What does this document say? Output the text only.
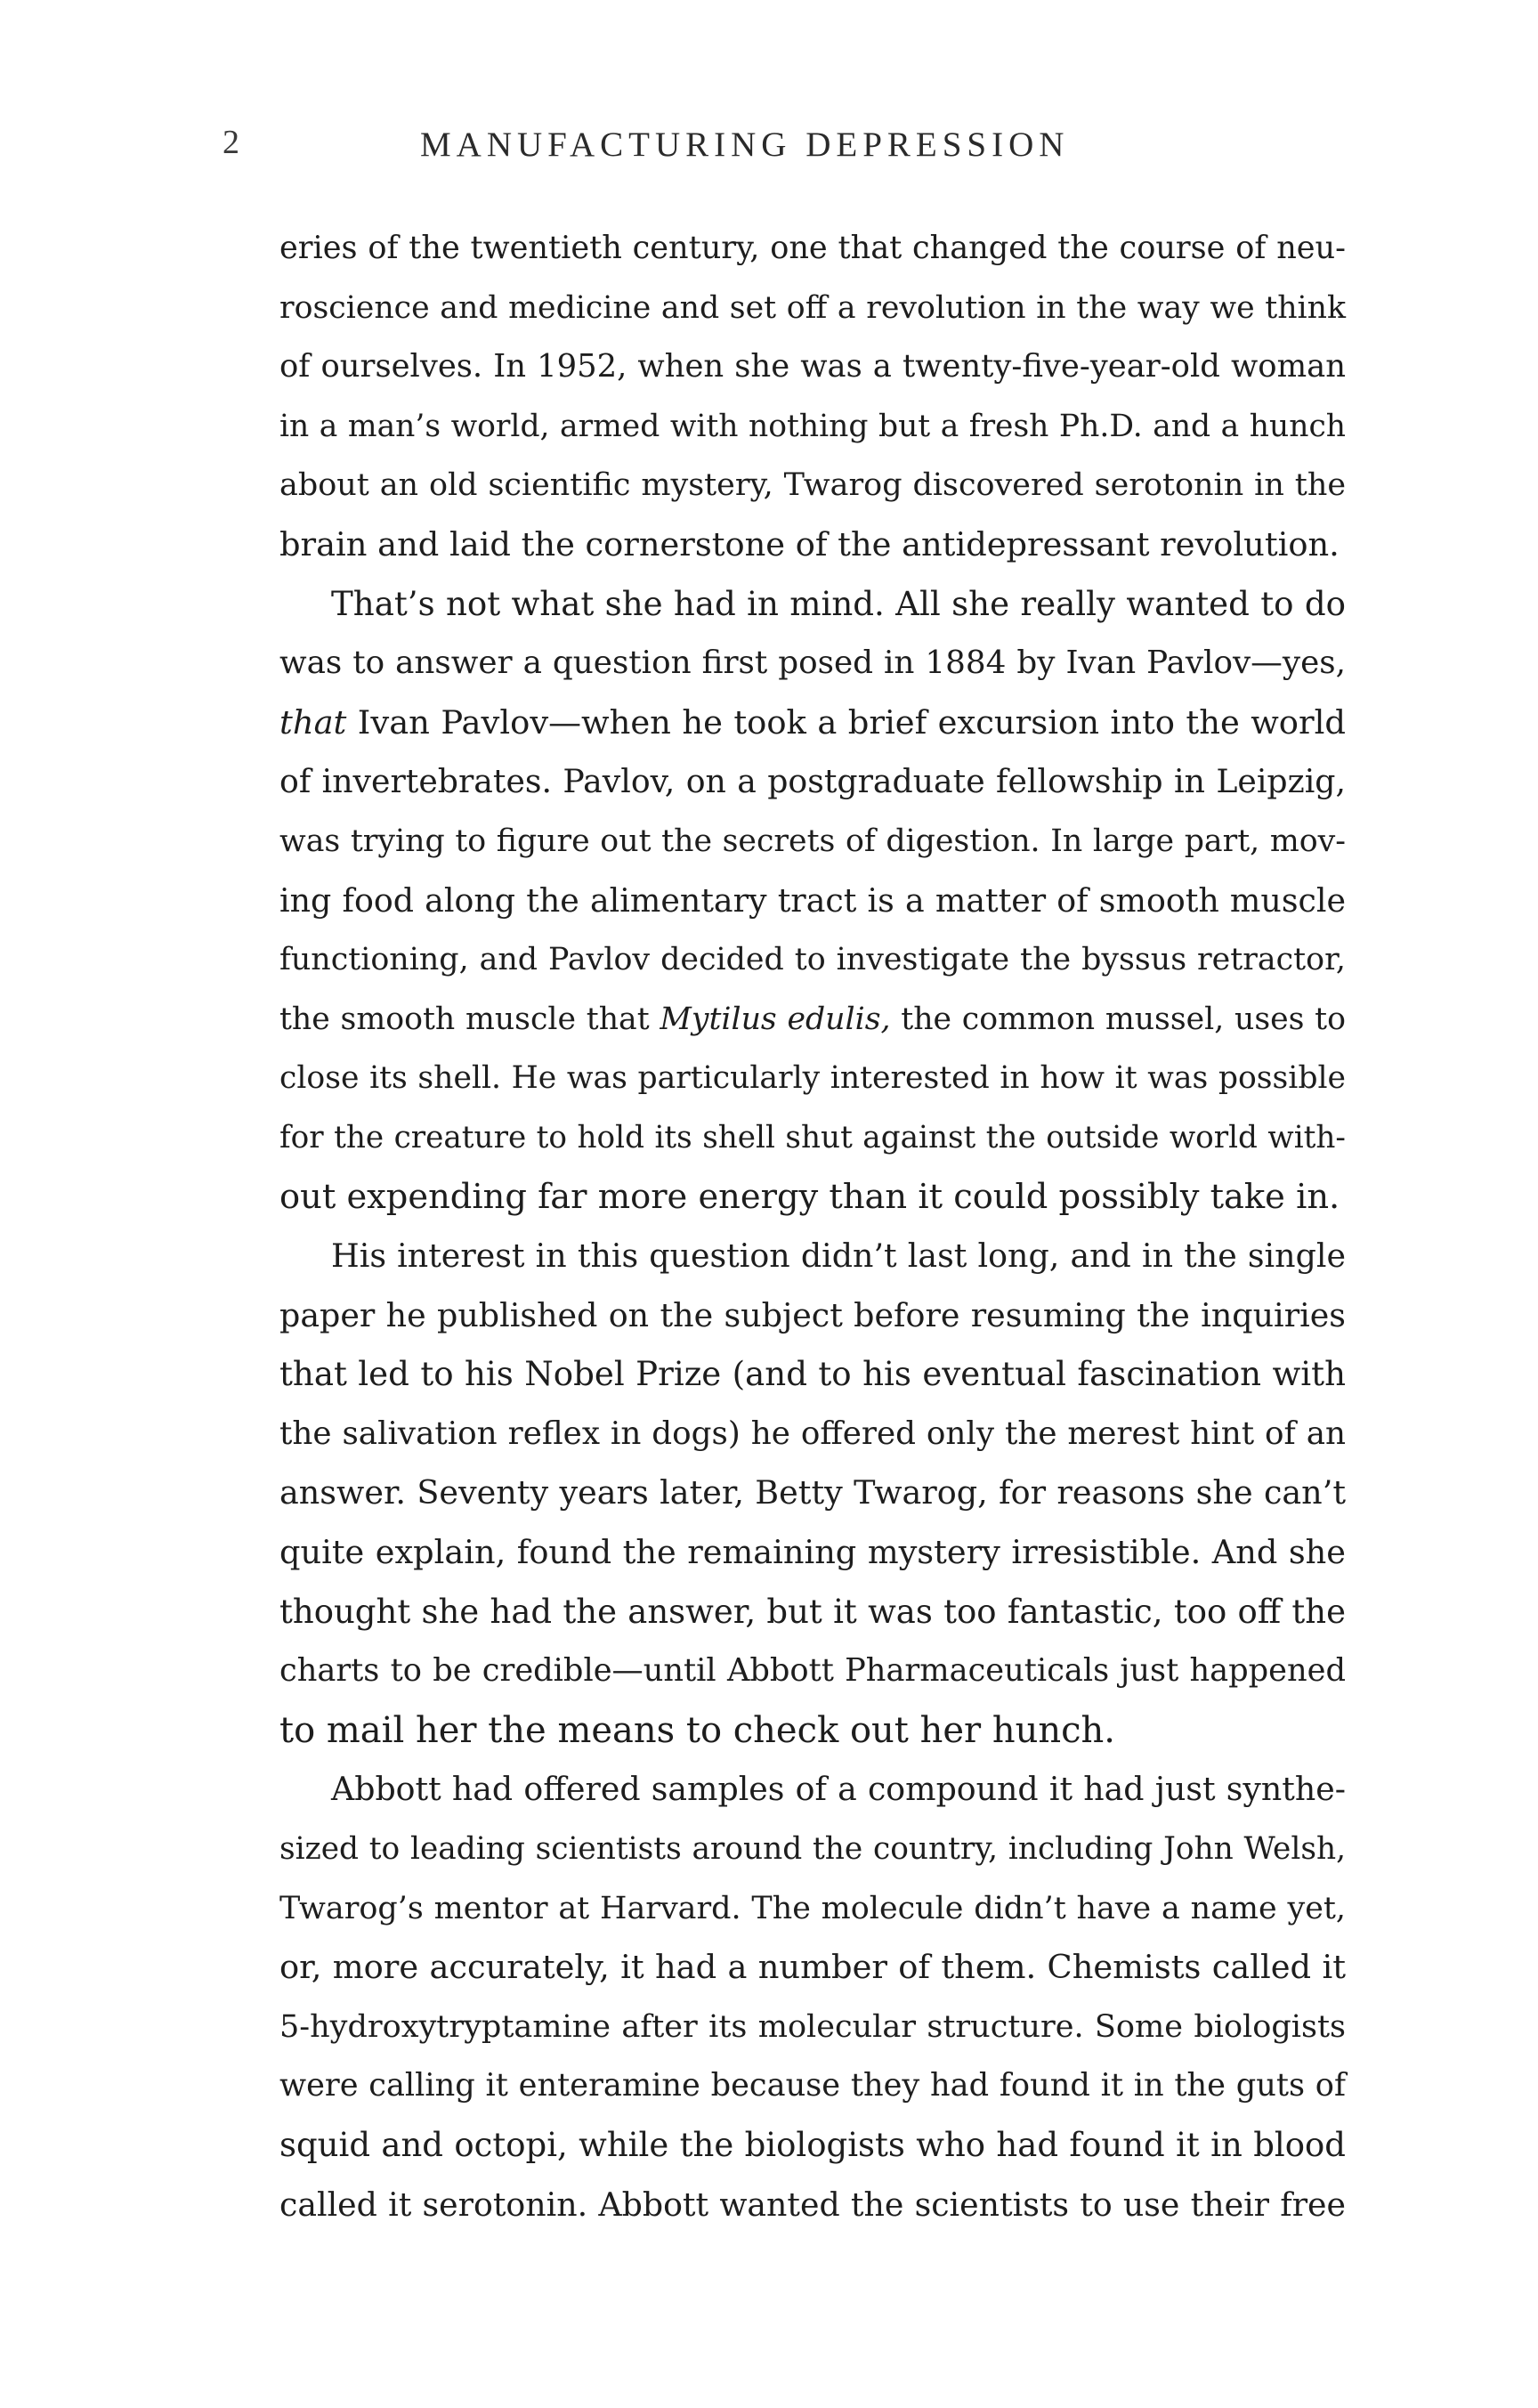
2	MANUFACTURING DEPRESSION
eries of the twentieth century, one that changed the course of neu-
roscience and medicine and set off a revolution in the way we think
of ourselves. In 1952, when she was a twenty-five-year-old woman
in a man’s world, armed with nothing but a fresh Ph.D. and a hunch
about an old scientific mystery, Twarog discovered serotonin in the
brain and laid the cornerstone of the antidepressant revolution.
That’s not what she had in mind. All she really wanted to do
was to answer a question first posed in 1884 by Ivan Pavlov—yes,
that Ivan Pavlov—when he took a brief excursion into the world
of invertebrates. Pavlov, on a postgraduate fellowship in Leipzig,
was trying to figure out the secrets of digestion. In large part, mov-
ing food along the alimentary tract is a matter of smooth muscle
functioning, and Pavlov decided to investigate the byssus retractor,
the smooth muscle that Mytilus edulis, the common mussel, uses to
close its shell. He was particularly interested in how it was possible
for the creature to hold its shell shut against the outside world with-
out expending far more energy than it could possibly take in.
His interest in this question didn’t last long, and in the single
paper he published on the subject before resuming the inquiries
that led to his Nobel Prize (and to his eventual fascination with
the salivation reflex in dogs) he offered only the merest hint of an
answer. Seventy years later, Betty Twarog, for reasons she can’t
quite explain, found the remaining mystery irresistible. And she
thought she had the answer, but it was too fantastic, too off the
charts to be credible—until Abbott Pharmaceuticals just happened
to mail her the means to check out her hunch.
Abbott had offered samples of a compound it had just synthe-
sized to leading scientists around the country, including John Welsh,
Twarog’s mentor at Harvard. The molecule didn’t have a name yet,
or, more accurately, it had a number of them. Chemists called it
5-hydroxytryptamine after its molecular structure. Some biologists
were calling it enteramine because they had found it in the guts of
squid and octopi, while the biologists who had found it in blood
called it serotonin. Abbott wanted the scientists to use their free
